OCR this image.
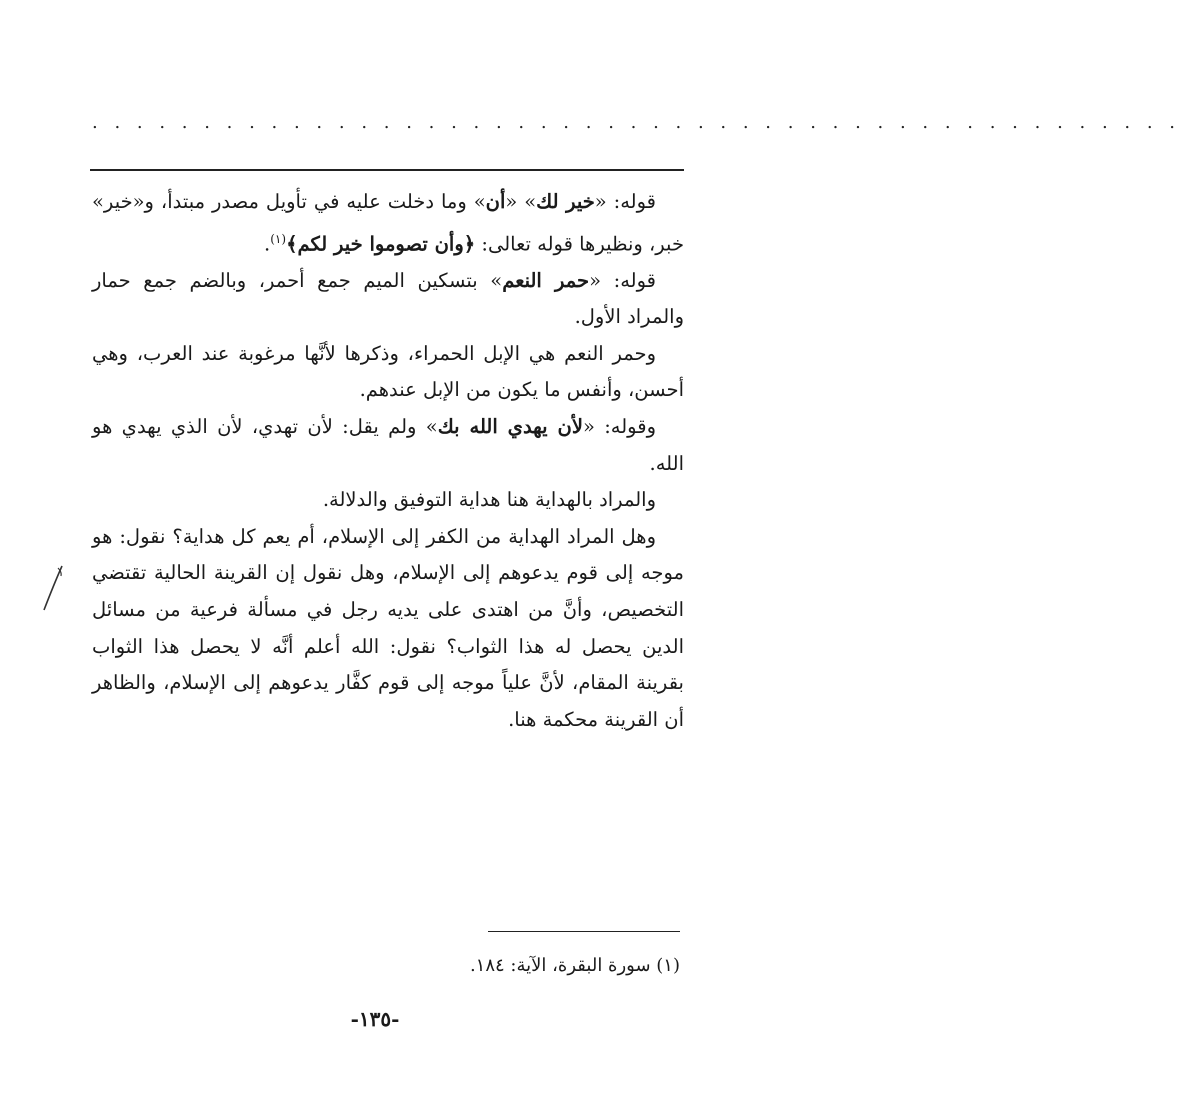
. . . . . . . . . . . . . . . . . . . . . . . . . . . . . . . . . . . . . . . . . . . . . . . . .

قوله: «خير لك» «أن» وما دخلت عليه في تأويل مصدر مبتدأ، و«خير» خبر، ونظيرها قوله تعالى: ﴿وأن تصوموا خير لكم﴾$^{(١)}$.

قوله: «حمر النعم» بتسكين الميم جمع أحمر، وبالضم جمع حمار والمراد الأول.

وحمر النعم هي الإبل الحمراء، وذكرها لأنَّها مرغوبة عند العرب، وهي أحسن، وأنفس ما يكون من الإبل عندهم.

وقوله: «لأن يهدي الله بك» ولم يقل: لأن تهدي، لأن الذي يهدي هو الله.

والمراد بالهداية هنا هداية التوفيق والدلالة.

وهل المراد الهداية من الكفر إلى الإسلام، أم يعم كل هداية؟ نقول: هو موجه إلى قوم يدعوهم إلى الإسلام، وهل نقول إن القرينة الحالية تقتضي التخصيص، وأنَّ من اهتدى على يديه رجل في مسألة فرعية من مسائل الدين يحصل له هذا الثواب؟ نقول: الله أعلم أنَّه لا يحصل هذا الثواب بقرينة المقام، لأنَّ علياً موجه إلى قوم كفَّار يدعوهم إلى الإسلام، والظاهر أن القرينة محكمة هنا.

(١) سورة البقرة، الآية: ١٨٤.
-١٣٥-
